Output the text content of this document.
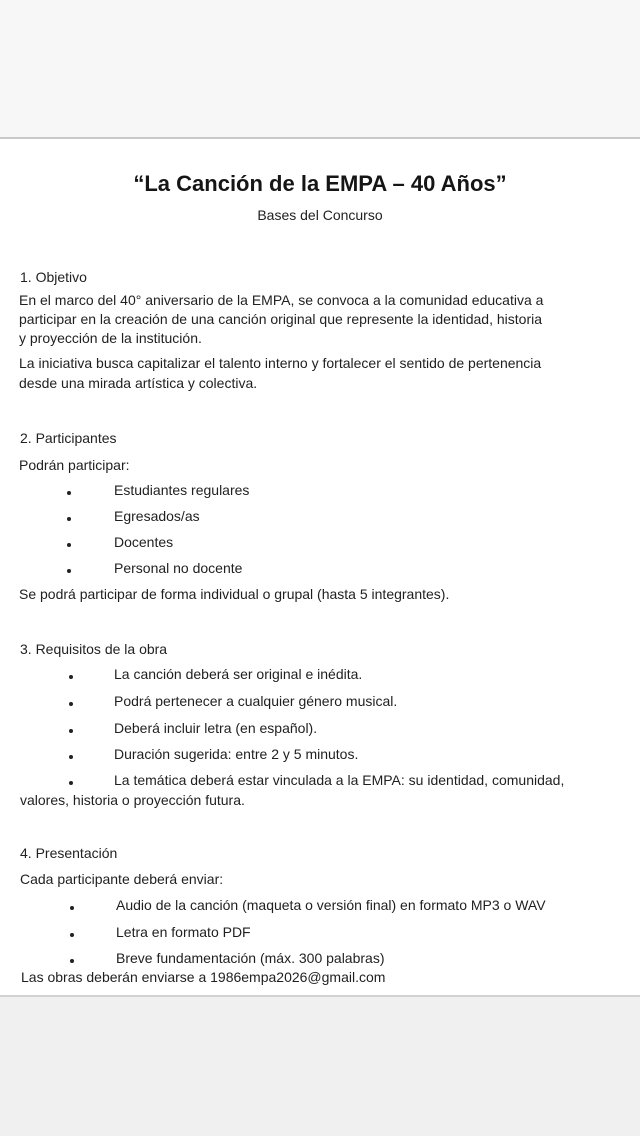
“La Canción de la EMPA – 40 Años”
Bases del Concurso
1. Objetivo
En el marco del 40° aniversario de la EMPA, se convoca a la comunidad educativa a
participar en la creación de una canción original que represente la identidad, historia
y proyección de la institución.
La iniciativa busca capitalizar el talento interno y fortalecer el sentido de pertenencia
desde una mirada artística y colectiva.
2. Participantes
Podrán participar:
Estudiantes regulares
Egresados/as
Docentes
Personal no docente
Se podrá participar de forma individual o grupal (hasta 5 integrantes).
3. Requisitos de la obra
La canción deberá ser original e inédita.
Podrá pertenecer a cualquier género musical.
Deberá incluir letra (en español).
Duración sugerida: entre 2 y 5 minutos.
La temática deberá estar vinculada a la EMPA: su identidad, comunidad,
valores, historia o proyección futura.
4. Presentación
Cada participante deberá enviar:
Audio de la canción (maqueta o versión final) en formato MP3 o WAV
Letra en formato PDF
Breve fundamentación (máx. 300 palabras)
Las obras deberán enviarse a 1986empa2026@gmail.com
